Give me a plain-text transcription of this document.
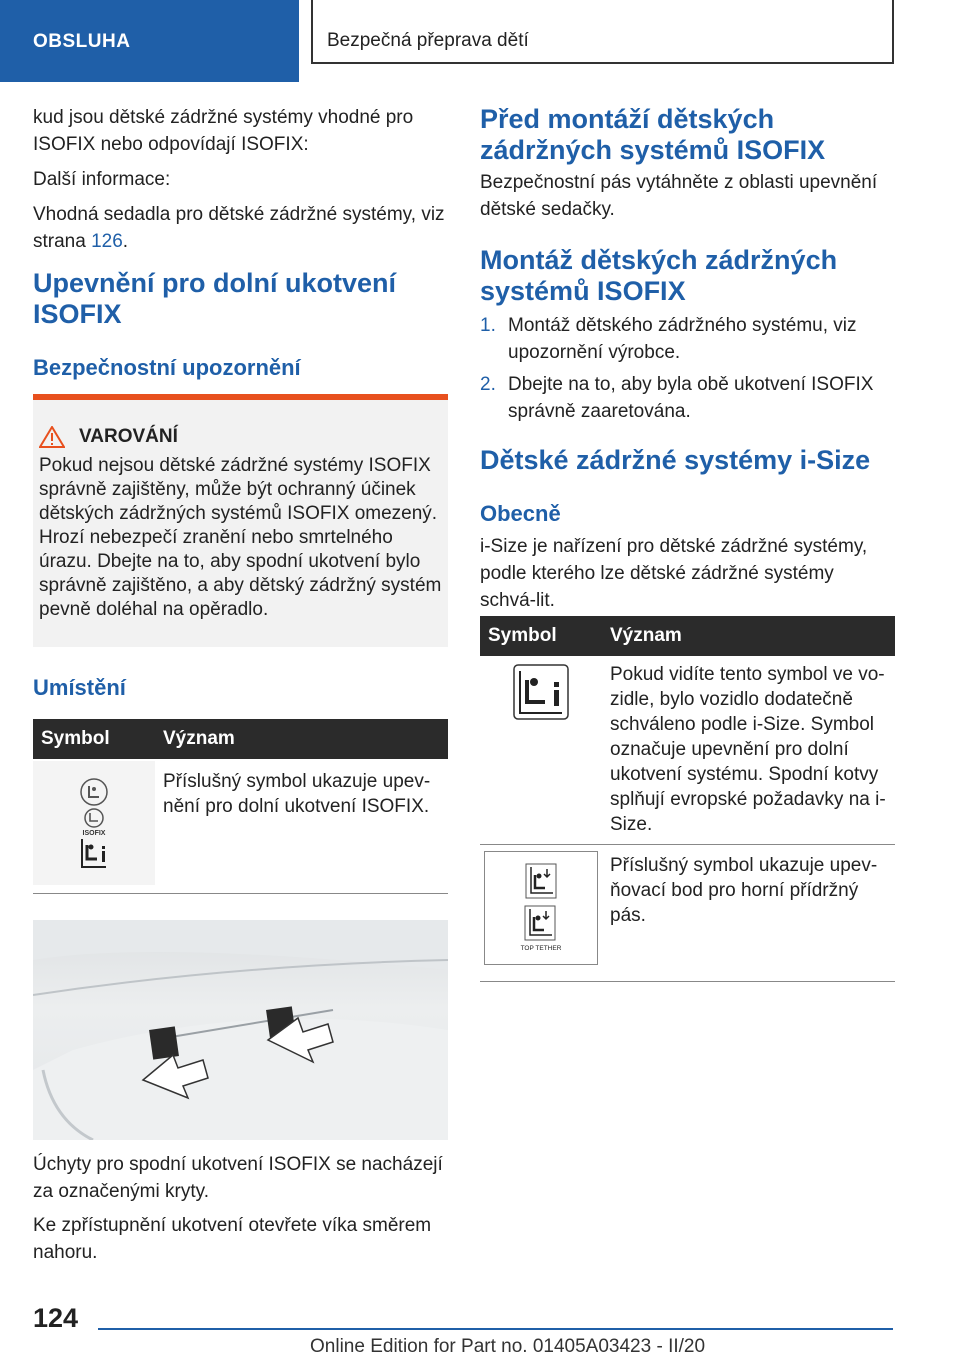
OBSLUHA	Bezpečná přeprava dětí

kud jsou dětské zádržné systémy vhodné pro ISOFIX nebo odpovídají ISOFIX:

Další informace:

Vhodná sedadla pro dětské zádržné systémy, viz strana 126.

Upevnění pro dolní ukotvení ISOFIX
Bezpečnostní upozornění
VAROVÁNÍ

Pokud nejsou dětské zádržné systémy ISOFIX správně zajištěny, může být ochranný účinek dětských zádržných systémů ISOFIX omezený. Hrozí nebezpečí zranění nebo smrtelného úrazu. Dbejte na to, aby spodní ukotvení bylo správně zajištěno, a aby dětský zádržný systém pevně doléhal na opěradlo.

Umístění
Symbol	Význam
ISOFIX
Příslušný symbol ukazuje upev-nění pro dolní ukotvení ISOFIX.

Úchyty pro spodní ukotvení ISOFIX se nacházejí za označenými kryty.

Ke zpřístupnění ukotvení otevřete víka směrem nahoru.

Před montáží dětských zádržných systémů ISOFIX

Bezpečnostní pás vytáhněte z oblasti upevnění dětské sedačky.

Montáž dětských zádržných systémů ISOFIX
1. Montáž dětského zádržného systému, viz upozornění výrobce.
2. Dbejte na to, aby byla obě ukotvení ISOFIX správně zaaretována.
Dětské zádržné systémy i-Size
Obecně

i-Size je nařízení pro dětské zádržné systémy, podle kterého lze dětské zádržné systémy schvá-lit.

Symbol	Význam
Pokud vidíte tento symbol ve vo-zidle, bylo vozidlo dodatečně schváleno podle i-Size. Symbol označuje upevnění pro dolní ukotvení systému. Spodní kotvy splňují evropské požadavky na i-Size.
TOP TETHER
Příslušný symbol ukazuje upev-ňovací bod pro horní přídržný pás.
124
Online Edition for Part no. 01405A03423 - II/20
